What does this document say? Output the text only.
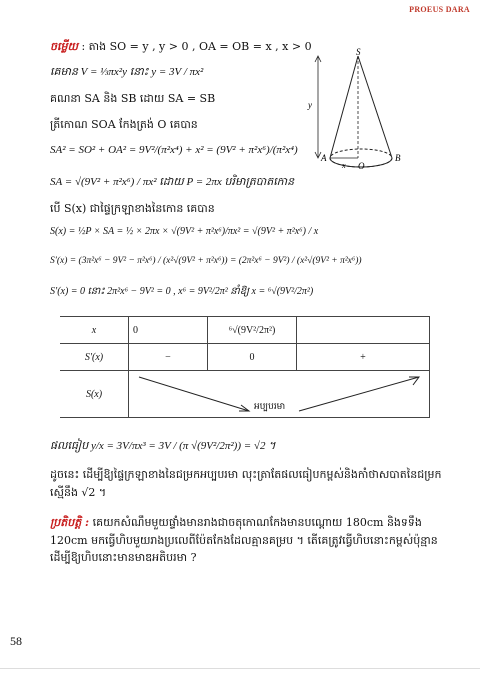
PROEUS DARA
ចម្លើយ : តាង SO = y , y > 0 , OA = OB = x , x > 0
គេមាន V = ⅓πx²y នោះ y = 3V / πx²
គណនា SA និង SB ដោយ SA = SB
ត្រីកោណ SOA កែងត្រង់ O គេបាន
SA² = SO² + OA² = 9V²/(π²x⁴) + x² = (9V² + π²x⁶)/(π²x⁴)
SA = √(9V² + π²x⁶) / πx² ដោយ P = 2πx បរិមាត្របាតកោន
បើ S(x) ជាផ្ទៃក្រឡាខាងនៃកោន គេបាន
S(x) = ½P × SA = ½ × 2πx × √(9V² + π²x⁶)/πx² = √(9V² + π²x⁶) / x
S′(x) = (3π²x⁶ − 9V² − π²x⁶) / (x²√(9V² + π²x⁶)) = (2π²x⁶ − 9V²) / (x²√(9V² + π²x⁶))
S′(x) = 0 នោះ 2π²x⁶ − 9V² = 0 , x⁶ = 9V²/2π² នាំឱ្យ x = ⁶√(9V²/2π²)
S
y
A	B
O
x
x	0	⁶√(9V²/2π²)	
S′(x)	−	0	+
S(x)	អប្បបរមា		
ផលធៀប y/x = 3V/πx³ = 3V / (π √(9V²/2π²)) = √2 ។
ដូចនេះ ដើម្បីឱ្យផ្ទៃក្រឡាខាងនៃជម្រកអប្បបរមា លុះត្រាតែផលធៀបកម្ពស់និងកាំថាសបាតនៃជម្រកស្មើនឹង √2 ។
ប្រតិបត្តិ : គេយកសំណឹមមួយផ្ទាំងមានរាងជាចតុកោណកែងមានបណ្តោយ 180cm និងទទឹង 120cm មកធ្វើហិបមួយរាងប្រលេពីប៉ែតកែងដែលគ្មានគម្រប ។ តើគេត្រូវធ្វើហិបនោះកម្ពស់ប៉ុន្មាន ដើម្បីឱ្យហិបនោះមានមាឌអតិបរមា ?
58
